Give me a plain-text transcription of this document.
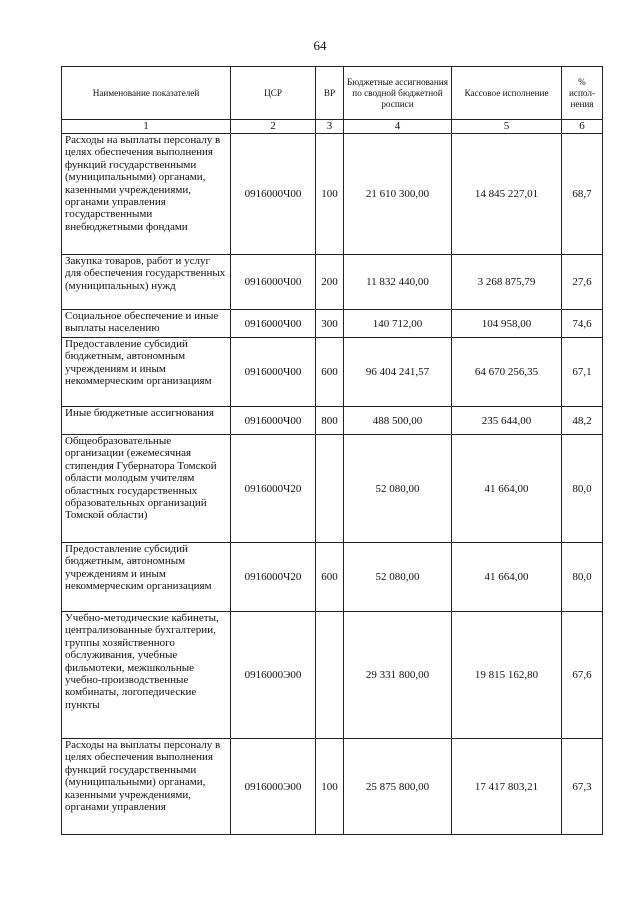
64
Наименование показателей	ЦСР	ВР	Бюджетные ассигнования по сводной бюджетной росписи	Кассовое исполнение	% испол-нения
1	2	3	4	5	6
Расходы на выплаты персоналу в целях обеспечения выполнения функций государственными (муниципальными) органами, казенными учреждениями, органами управления государственными внебюджетными фондами	0916000Ч00	100	21 610 300,00	14 845 227,01	68,7
Закупка товаров, работ и услуг для обеспечения государственных (муниципальных) нужд	0916000Ч00	200	11 832 440,00	3 268 875,79	27,6
Социальное обеспечение и иные выплаты населению	0916000Ч00	300	140 712,00	104 958,00	74,6
Предоставление субсидий бюджетным, автономным учреждениям и иным некоммерческим организациям	0916000Ч00	600	96 404 241,57	64 670 256,35	67,1
Иные бюджетные ассигнования	0916000Ч00	800	488 500,00	235 644,00	48,2
Общеобразовательные организации (ежемесячная стипендия Губернатора Томской области молодым учителям областных государственных образовательных организаций Томской области)	0916000Ч20		52 080,00	41 664,00	80,0
Предоставление субсидий бюджетным, автономным учреждениям и иным некоммерческим организациям	0916000Ч20	600	52 080,00	41 664,00	80,0
Учебно-методические кабинеты, централизованные бухгалтерии, группы хозяйственного обслуживания, учебные фильмотеки, межшкольные учебно-производственные комбинаты, логопедические пункты	0916000Э00		29 331 800,00	19 815 162,80	67,6
Расходы на выплаты персоналу в целях обеспечения выполнения функций государственными (муниципальными) органами, казенными учреждениями, органами управления	0916000Э00	100	25 875 800,00	17 417 803,21	67,3
